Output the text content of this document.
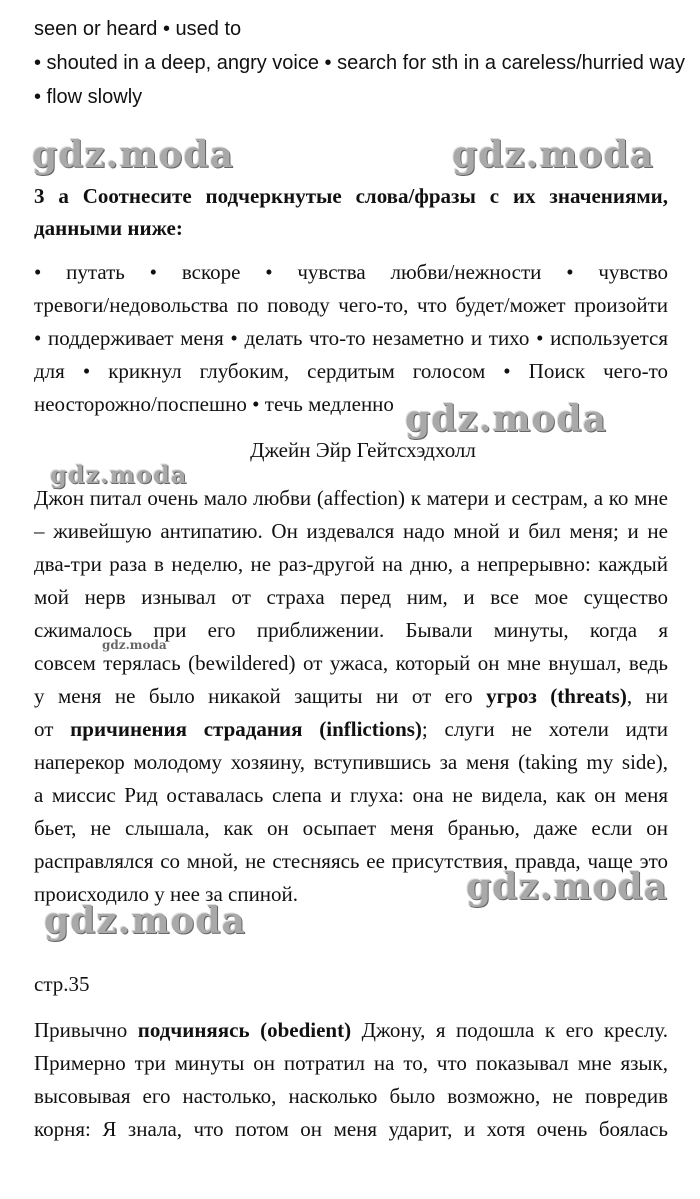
seen or heard • used to
• shouted in a deep, angry voice • search for sth in a careless/hurried way
• flow slowly
gdz.moda	gdz.moda
3 a Соотнесите подчеркнутые слова/фразы с их значениями,
данными ниже:
• путать • вскоре • чувства любви/нежности • чувство
тревоги/недовольства по поводу чего-то, что будет/может произойти
• поддерживает меня • делать что-то незаметно и тихо • используется
для • крикнул глубоким, сердитым голосом • Поиск чего-то
неосторожно/поспешно • течь медленно gdz.moda
Джейн Эйр Гейтсхэдхолл
gdz.moda
Джон питал очень мало любви (affection) к матери и сестрам, а ко мне
– живейшую антипатию. Он издевался надо мной и бил меня; и не
два-три раза в неделю, не раз-другой на дню, а непрерывно: каждый
мой нерв изнывал от страха перед ним, и все мое существо
сжималось при его приближении. Бывали минуты, когда я
gdz.moda
совсем терялась (bewildered) от ужаса, который он мне внушал, ведь
у меня не было никакой защиты ни от его угроз (threats), ни
от причинения страдания (inflictions); слуги не хотели идти
наперекор молодому хозяину, вступившись за меня (taking my side),
а миссис Рид оставалась слепа и глуха: она не видела, как он меня
бьет, не слышала, как он осыпает меня бранью, даже если он
расправлялся со мной, не стесняясь ее присутствия, правда, чаще это
происходило у нее за спиной.	gdz.moda
gdz.moda
стр.35
Привычно подчиняясь (obedient) Джону, я подошла к его креслу.
Примерно три минуты он потратил на то, что показывал мне язык,
высовывая его настолько, насколько было возможно, не повредив
корня: Я знала, что потом он меня ударит, и хотя очень боялась
